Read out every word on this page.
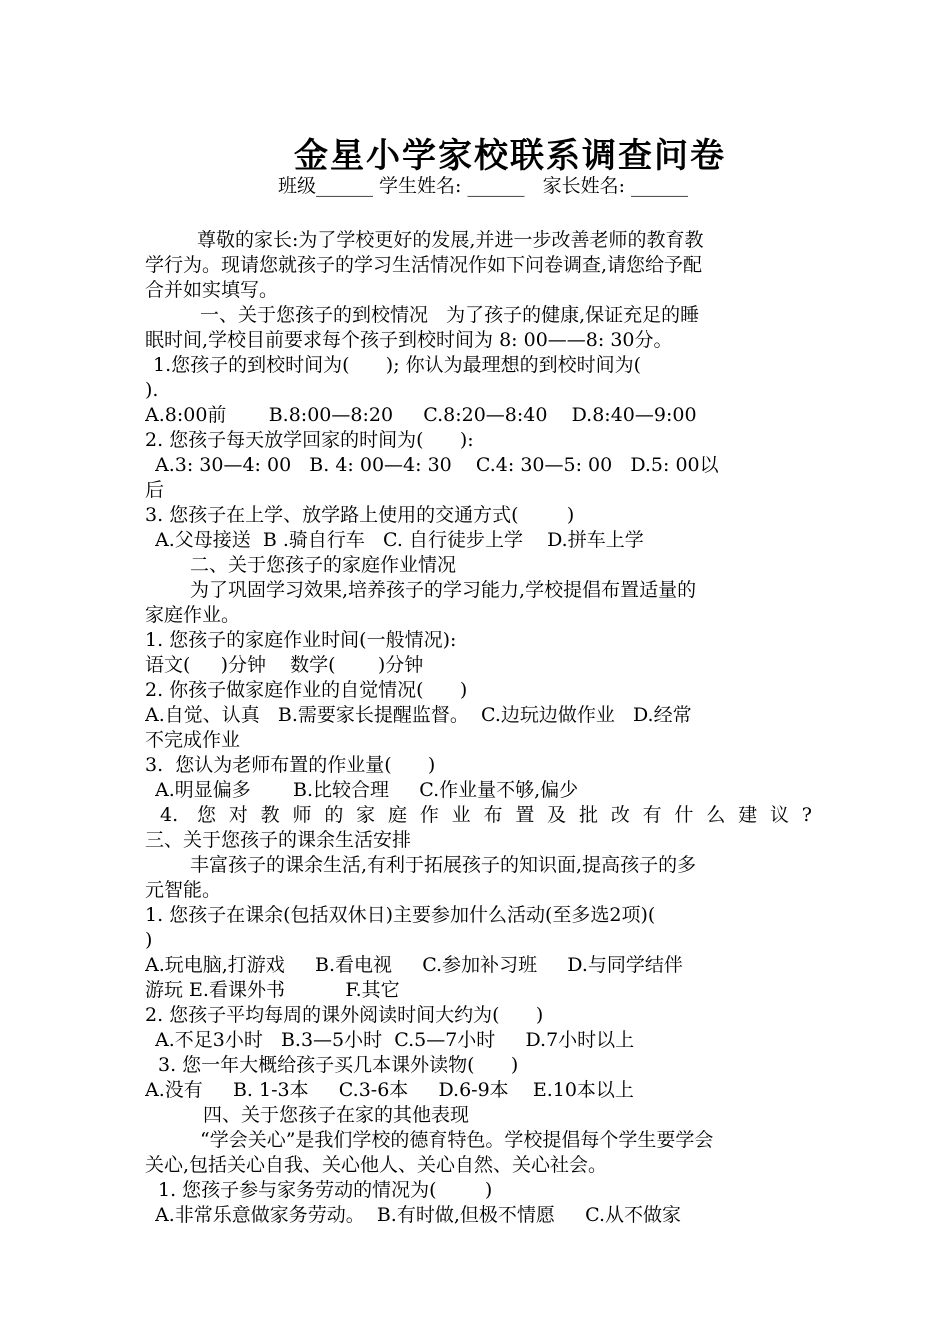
金星小学家校联系调查问卷
班级______ 学生姓名: ______   家长姓名: ______
尊敬的家长:为了学校更好的发展,并进一步改善老师的教育教
学行为。现请您就孩子的学习生活情况作如下问卷调查,请您给予配
合并如实填写。
一、关于您孩子的到校情况   为了孩子的健康,保证充足的睡
眠时间,学校目前要求每个孩子到校时间为 8: 00——8: 30分。
1.您孩子的到校时间为(      ); 你认为最理想的到校时间为(
).
A.8:00前       B.8:00—8:20     C.8:20—8:40    D.8:40—9:00
2. 您孩子每天放学回家的时间为(      ):
A.3: 30—4: 00   B. 4: 00—4: 30    C.4: 30—5: 00   D.5: 00以
后
3. 您孩子在上学、放学路上使用的交通方式(        )
A.父母接送  B .骑自行车   C. 自行徒步上学    D.拼车上学
二、关于您孩子的家庭作业情况
为了巩固学习效果,培养孩子的学习能力,学校提倡布置适量的
家庭作业。
1. 您孩子的家庭作业时间(一般情况):
语文(     )分钟    数学(       )分钟
2. 你孩子做家庭作业的自觉情况(      )
A.自觉、认真   B.需要家长提醒监督。  C.边玩边做作业   D.经常
不完成作业
3.  您认为老师布置的作业量(      )
A.明显偏多       B.比较合理     C.作业量不够,偏少
4. 您对教师的家庭作业布置及批改有什么建议?
三、关于您孩子的课余生活安排
丰富孩子的课余生活,有利于拓展孩子的知识面,提高孩子的多
元智能。
1. 您孩子在课余(包括双休日)主要参加什么活动(至多选2项)(
)
A.玩电脑,打游戏     B.看电视     C.参加补习班     D.与同学结伴
游玩 E.看课外书          F.其它
2. 您孩子平均每周的课外阅读时间大约为(      )
A.不足3小时   B.3—5小时  C.5—7小时     D.7小时以上
3. 您一年大概给孩子买几本课外读物(      )
A.没有     B. 1-3本     C.3-6本     D.6-9本    E.10本以上
四、关于您孩子在家的其他表现
“学会关心”是我们学校的德育特色。学校提倡每个学生要学会
关心,包括关心自我、关心他人、关心自然、关心社会。
1. 您孩子参与家务劳动的情况为(        )
A.非常乐意做家务劳动。  B.有时做,但极不情愿     C.从不做家
